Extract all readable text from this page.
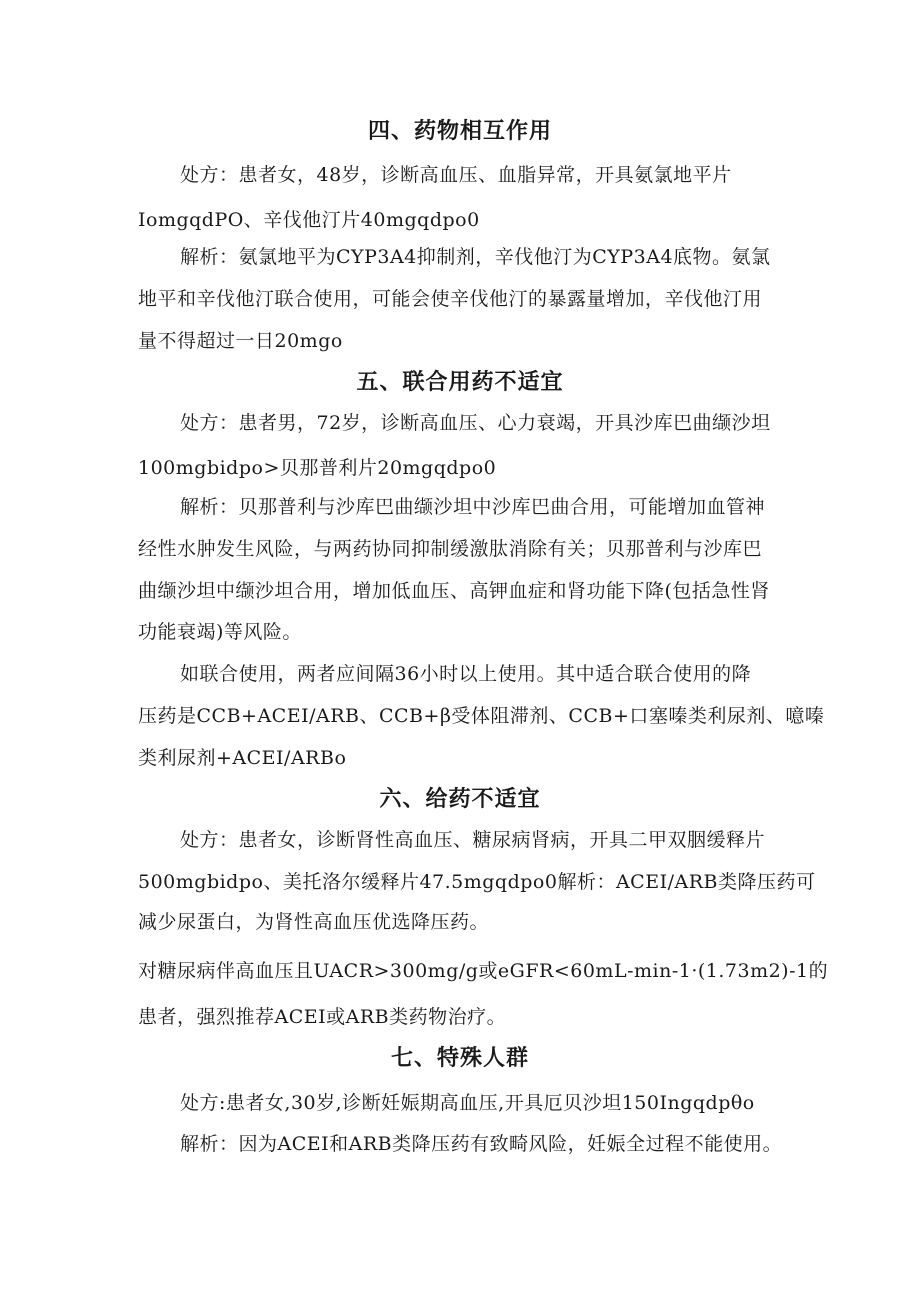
四、药物相互作用
处方：患者女，48岁，诊断高血压、血脂异常，开具氨氯地平片
IomgqdPO、辛伐他汀片40mgqdpo0
解析：氨氯地平为CYP3A4抑制剂，辛伐他汀为CYP3A4底物。氨氯
地平和辛伐他汀联合使用，可能会使辛伐他汀的暴露量增加，辛伐他汀用
量不得超过一日20mgo
五、联合用药不适宜
处方：患者男，72岁，诊断高血压、心力衰竭，开具沙库巴曲缬沙坦
100mgbidpo>贝那普利片20mgqdpo0
解析：贝那普利与沙库巴曲缬沙坦中沙库巴曲合用，可能增加血管神
经性水肿发生风险，与两药协同抑制缓激肽消除有关；贝那普利与沙库巴
曲缬沙坦中缬沙坦合用，增加低血压、高钾血症和肾功能下降(包括急性肾
功能衰竭)等风险。
如联合使用，两者应间隔36小时以上使用。其中适合联合使用的降
压药是CCB+ACEI/ARB、CCB+β受体阻滞剂、CCB+口塞嗪类利尿剂、噫嗪
类利尿剂+ACEI/ARBo
六、给药不适宜
处方：患者女，诊断肾性高血压、糖尿病肾病，开具二甲双胭缓释片
500mgbidpo、美托洛尔缓释片47.5mgqdpo0解析：ACEI/ARB类降压药可
减少尿蛋白，为肾性高血压优选降压药。
对糖尿病伴高血压且UACR>300mg/g或eGFR<60mL-min-1·(1.73m2)-1的
患者，强烈推荐ACEI或ARB类药物治疗。
七、特殊人群
处方:患者女,30岁,诊断妊娠期高血压,开具厄贝沙坦150Ingqdpθo
解析：因为ACEI和ARB类降压药有致畸风险，妊娠全过程不能使用。
